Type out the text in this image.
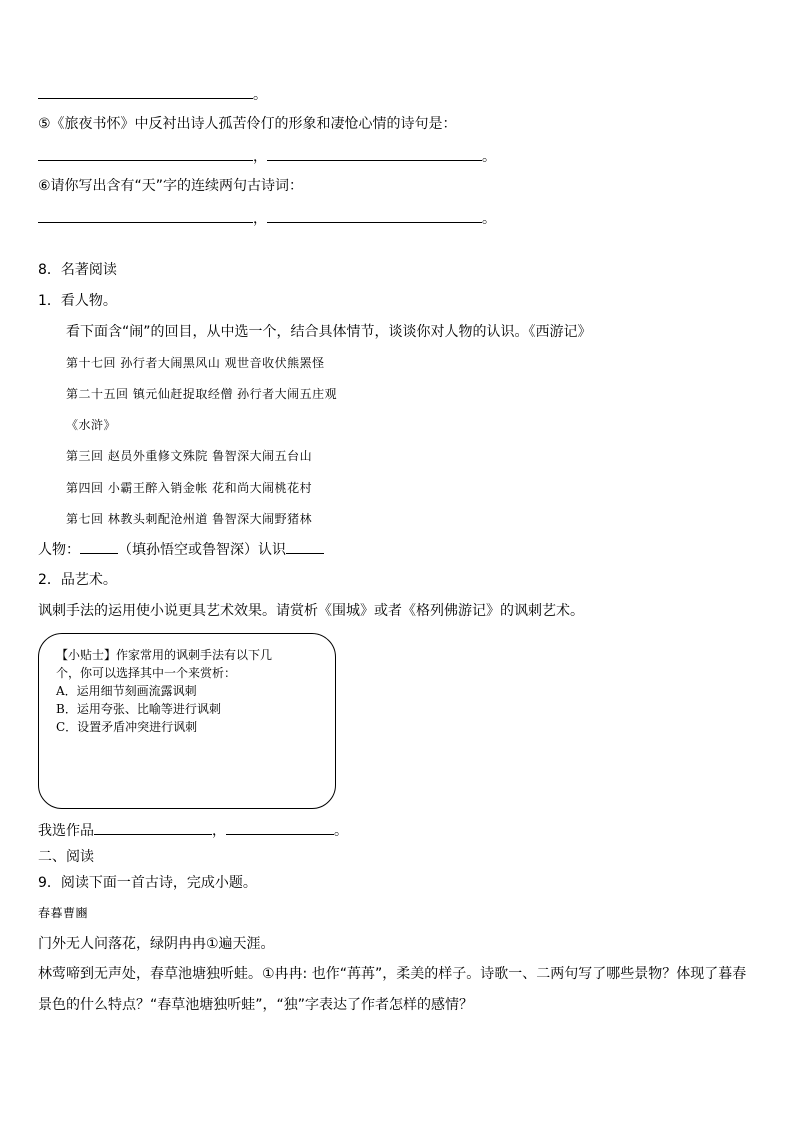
。
⑤《旅夜书怀》中反衬出诗人孤苦伶仃的形象和凄怆心情的诗句是：
，	。
⑥请你写出含有“天”字的连续两句古诗词：
，	。
8．名著阅读
1．看人物。
看下面含“闹”的回目，从中选一个，结合具体情节，谈谈你对人物的认识。《西游记》
第十七回 孙行者大闹黑风山 观世音收伏熊罴怪
第二十五回 镇元仙赶捉取经僧 孙行者大闹五庄观
《水浒》
第三回 赵员外重修文殊院 鲁智深大闹五台山
第四回 小霸王醉入销金帐 花和尚大闹桃花村
第七回 林教头刺配沧州道 鲁智深大闹野猪林
人物：	（填孙悟空或鲁智深）认识
2．品艺术。
讽刺手法的运用使小说更具艺术效果。请赏析《围城》或者《格列佛游记》的讽刺艺术。
【小贴士】作家常用的讽刺手法有以下几
个，你可以选择其中一个来赏析：
A．运用细节刻画流露讽刺
B．运用夸张、比喻等进行讽刺
C．设置矛盾冲突进行讽刺
我选作品	，	。
二、阅读
9．阅读下面一首古诗，完成小题。
春暮曹豳
门外无人问落花，绿阴冉冉①遍天涯。
林莺啼到无声处，春草池塘独听蛙。①冉冉: 也作“苒苒”，柔美的样子。诗歌一、二两句写了哪些景物？体现了暮春
景色的什么特点？“春草池塘独听蛙”，“独”字表达了作者怎样的感情？
